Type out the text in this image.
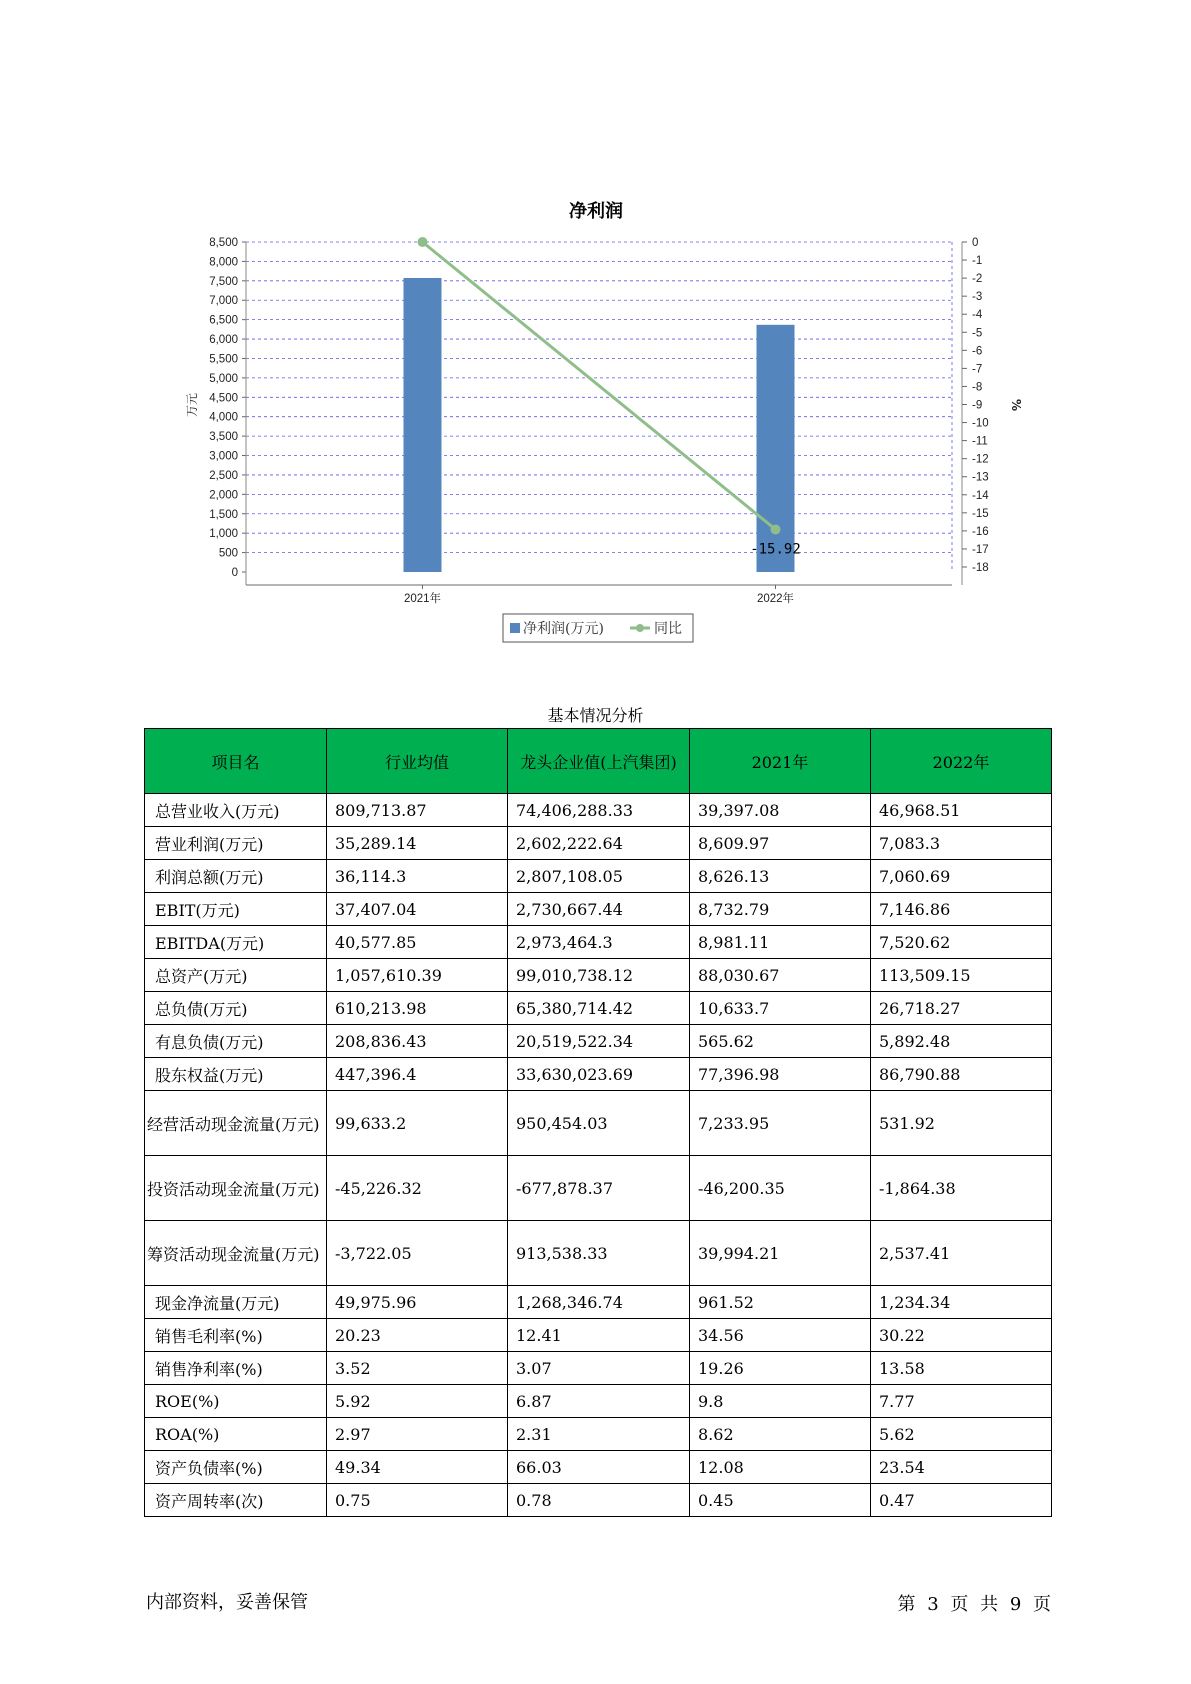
净利润
0
500
1,000
1,500
2,000
2,500
3,000
3,500
4,000
4,500
5,000
5,500
6,000
6,500
7,000
7,500
8,000
8,500	0
-1
-2
-3
-4
-5
-6
-7
-8
-9
-10
-11
-12
-13
-14
-15
-16
-17
-18
万元	%
2021年	2022年
-15.92
净利润(万元)	同比
基本情况分析
项目名	行业均值	龙头企业值(上汽集团)	2021年	2022年
总营业收入(万元)	809,713.87	74,406,288.33	39,397.08	46,968.51
营业利润(万元)	35,289.14	2,602,222.64	8,609.97	7,083.3
利润总额(万元)	36,114.3	2,807,108.05	8,626.13	7,060.69
EBIT(万元)	37,407.04	2,730,667.44	8,732.79	7,146.86
EBITDA(万元)	40,577.85	2,973,464.3	8,981.11	7,520.62
总资产(万元)	1,057,610.39	99,010,738.12	88,030.67	113,509.15
总负债(万元)	610,213.98	65,380,714.42	10,633.7	26,718.27
有息负债(万元)	208,836.43	20,519,522.34	565.62	5,892.48
股东权益(万元)	447,396.4	33,630,023.69	77,396.98	86,790.88
经营活动现金流量(万元)	99,633.2	950,454.03	7,233.95	531.92
投资活动现金流量(万元)	-45,226.32	-677,878.37	-46,200.35	-1,864.38
筹资活动现金流量(万元)	-3,722.05	913,538.33	39,994.21	2,537.41
现金净流量(万元)	49,975.96	1,268,346.74	961.52	1,234.34
销售毛利率(%)	20.23	12.41	34.56	30.22
销售净利率(%)	3.52	3.07	19.26	13.58
ROE(%)	5.92	6.87	9.8	7.77
ROA(%)	2.97	2.31	8.62	5.62
资产负债率(%)	49.34	66.03	12.08	23.54
资产周转率(次)	0.75	0.78	0.45	0.47
内部资料，妥善保管	第 3 页 共 9 页
